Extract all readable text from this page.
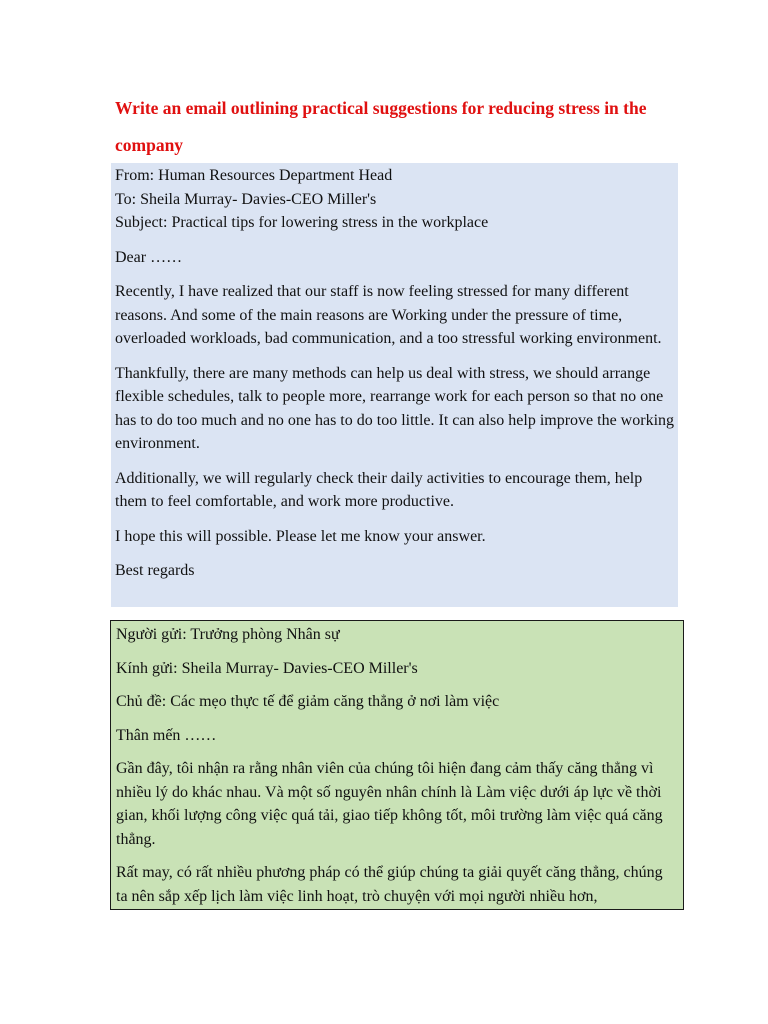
Write an email outlining practical suggestions for reducing stress in the company
From: Human Resources Department Head
To: Sheila Murray- Davies-CEO Miller's
Subject: Practical tips for lowering stress in the workplace

Dear ……

Recently, I have realized that our staff is now feeling stressed for many different reasons. And some of the main reasons are Working under the pressure of time, overloaded workloads, bad communication, and a too stressful working environment.

Thankfully, there are many methods can help us deal with stress, we should arrange flexible schedules, talk to people more, rearrange work for each person so that no one has to do too much and no one has to do too little. It can also help improve the working environment.

Additionally, we will regularly check their daily activities to encourage them, help them to feel comfortable, and work more productive.

I hope this will possible. Please let me know your answer.

Best regards

Người gửi: Trưởng phòng Nhân sự

Kính gửi: Sheila Murray- Davies-CEO Miller's

Chủ đề: Các mẹo thực tế để giảm căng thẳng ở nơi làm việc

Thân mến ……

Gần đây, tôi nhận ra rằng nhân viên của chúng tôi hiện đang cảm thấy căng thẳng vì nhiều lý do khác nhau. Và một số nguyên nhân chính là Làm việc dưới áp lực về thời gian, khối lượng công việc quá tải, giao tiếp không tốt, môi trường làm việc quá căng thẳng.

Rất may, có rất nhiều phương pháp có thể giúp chúng ta giải quyết căng thẳng, chúng ta nên sắp xếp lịch làm việc linh hoạt, trò chuyện với mọi người nhiều hơn,
